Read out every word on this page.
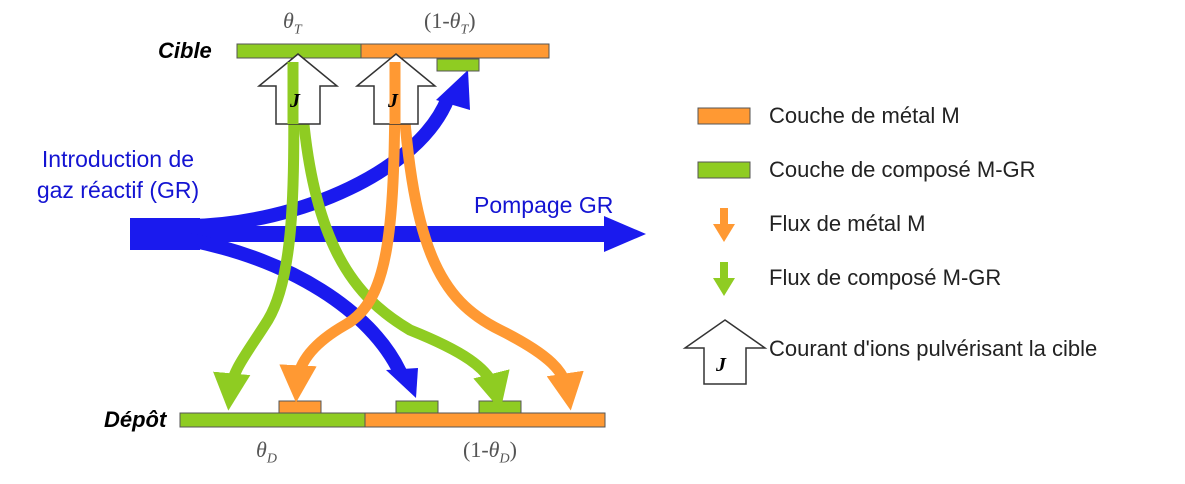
Cible
Dépôt
$\theta_T$	$(1-\theta_T)$
$\theta_D$	$(1-\theta_D)$
Introduction de
gaz réactif (GR)
Pompage GR
J	J
J
Couche de métal M
Couche de composé M-GR
Flux de métal M
Flux de composé M-GR
Courant d'ions pulvérisant la cible
